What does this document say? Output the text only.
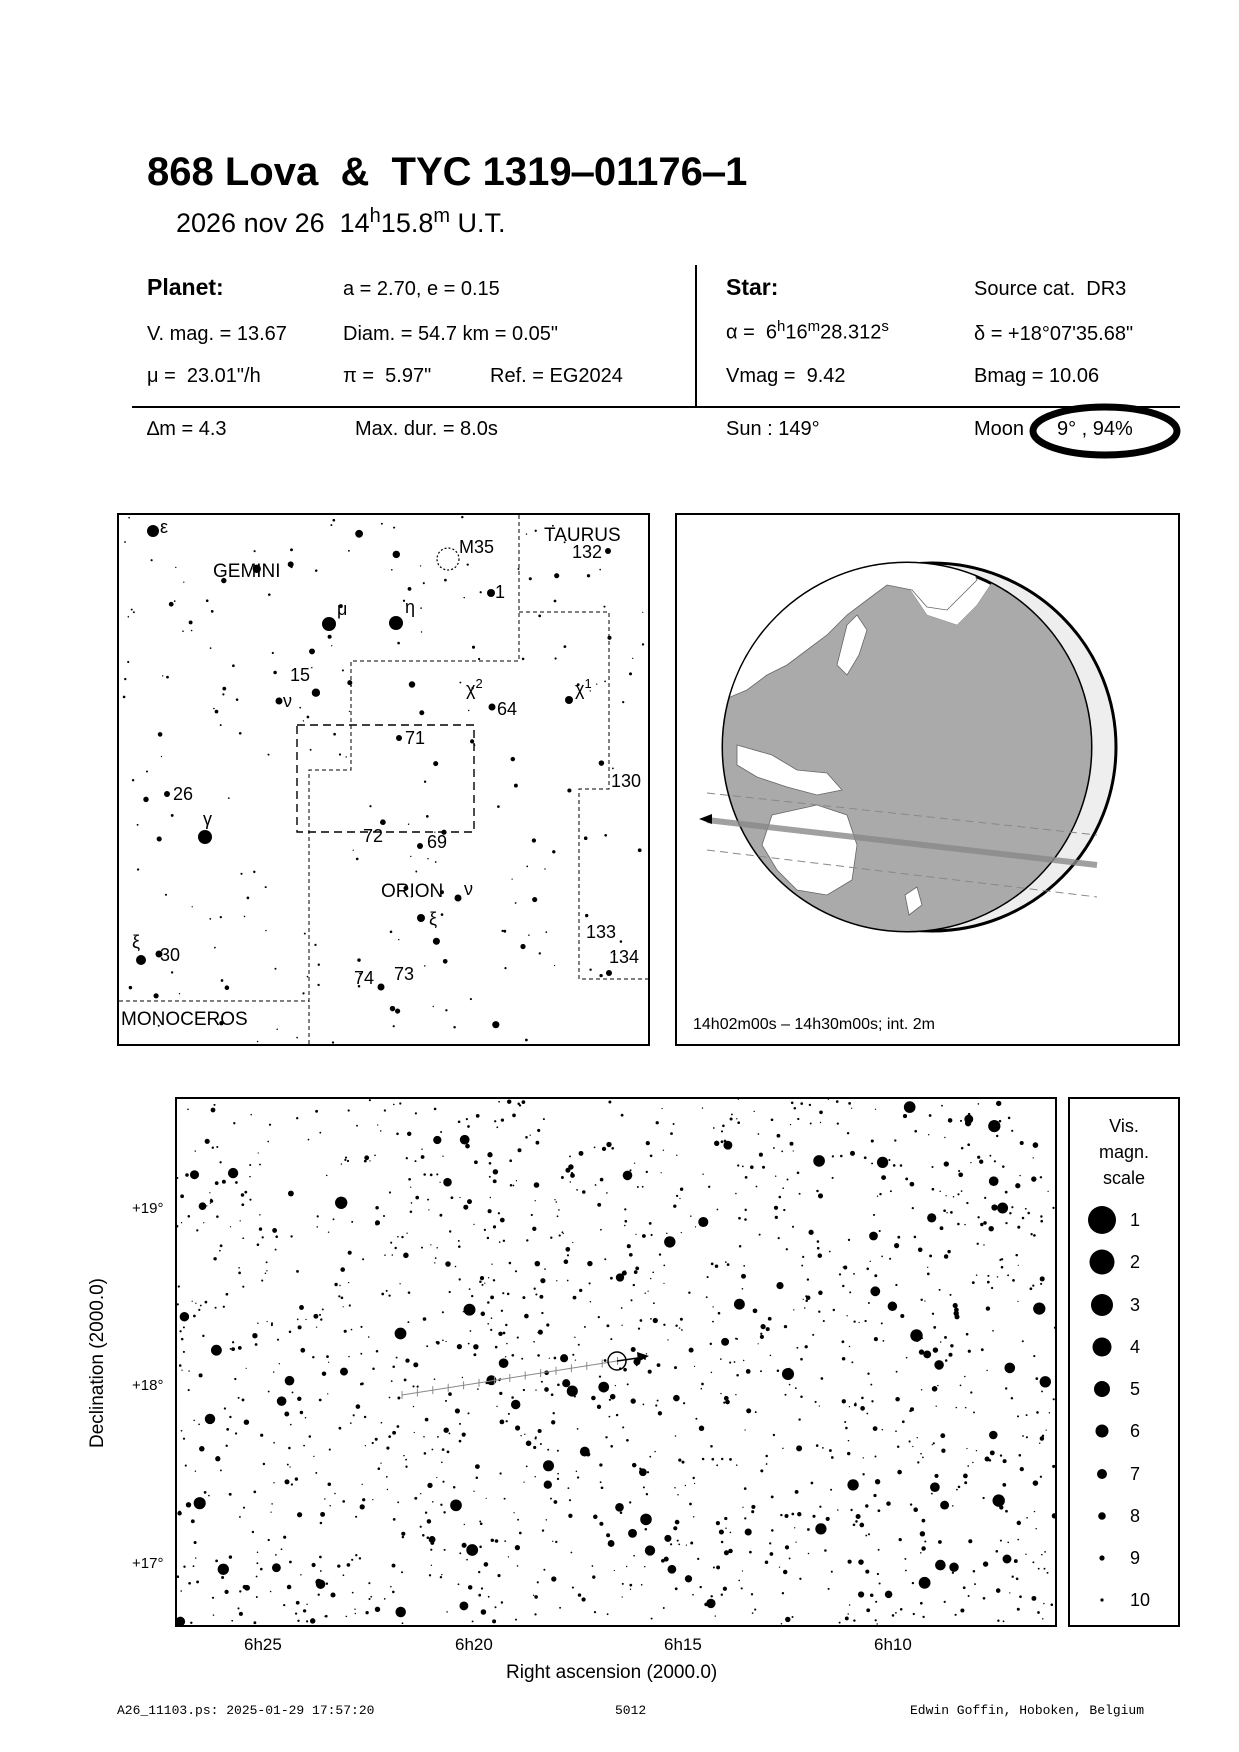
868 Lova  &  TYC 1319‒01176‒1
2026 nov 26  14$^h$15.8$^m$ U.T.
Planet:	a = 2.70, e = 0.15
V. mag. = 13.67	Diam. = 54.7 km = 0.05"
μ =  23.01"/h	π =  5.97"	Ref. = EG2024
Star:	Source cat.  DR3
α =  6$^h$16$^m$28.312$^s$	δ = +18°07'35.68"
Vmag =  9.42	Bmag = 10.06
∆m = 4.3	Max. dur. = 8.0s	Sun : 149°	Moon 9° , 94%
GEMINI
TAURUS
ORION
MONOCEROS
ε
M35	132
1
μ	η
15
ν
$\chi^2$
64
$\chi^1$
71
130
26
γ
72 69
ν
ξ
133
134
ξ
30
74 73
14h02m00s ‒ 14h30m00s; int. 2m
+19°
+18°
+17°
6h25	6h20	6h15	6h10
Right ascension (2000.0)
Declination (2000.0)
Vis.
magn.
scale
1
2
3
4
5
6
7
8
9
10
A26_11103.ps: 2025-01-29 17:57:20	5012	Edwin Goffin, Hoboken, Belgium
